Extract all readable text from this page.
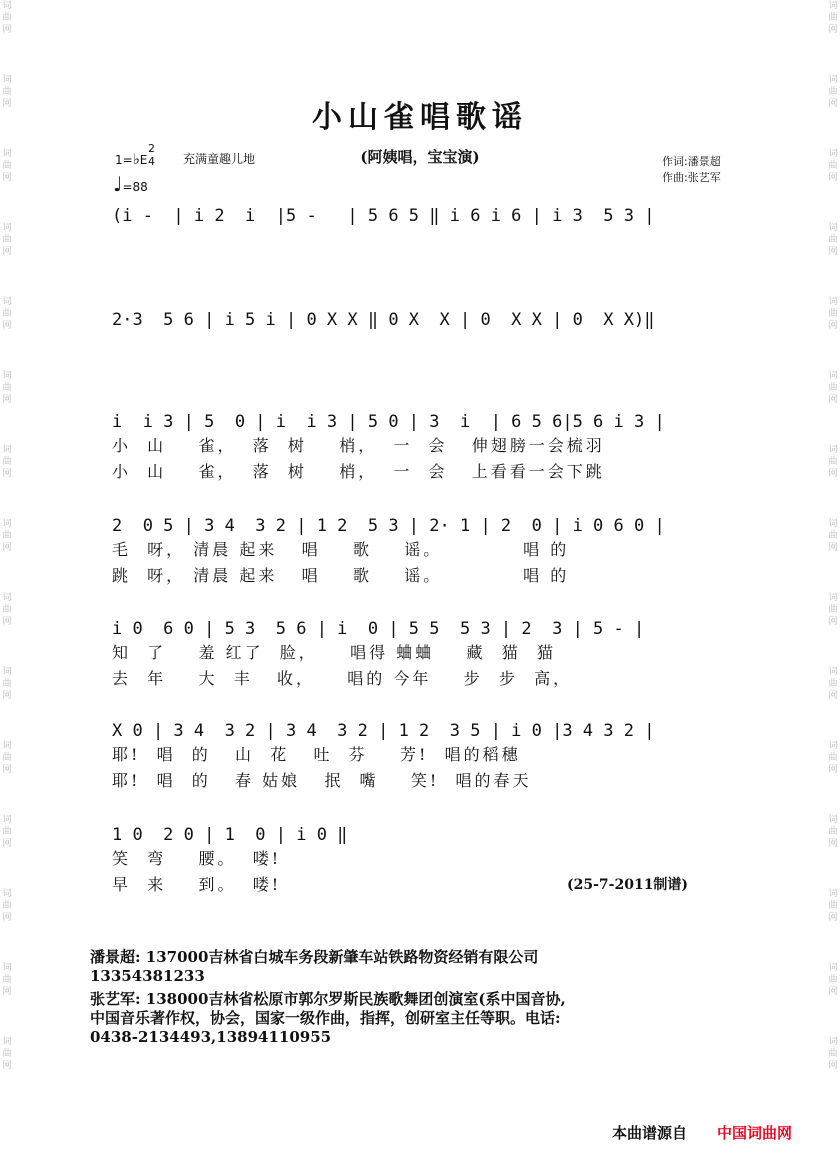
词
曲
网
词
曲
网
词
曲
网
词
曲
网
词
曲
网
词
曲
网
词
曲
网
词
曲
网
词
曲
网
词
曲
网
词
曲
网
词
曲
网
词
曲
网
词
曲
网
词
曲
网
词
曲
网
词
曲
网
词
曲
网
词
曲
网
词
曲
网
词
曲
网
词
曲
网
词
曲
网
词
曲
网
词
曲
网
词
曲
网
词
曲
网
词
曲
网
词
曲
网
词
曲
网
小山雀唱歌谣
(阿姨唱，宝宝演)
1=♭E
2
4 充满童趣儿地
♩=88
作词:潘景超
作曲:张艺军
(i -  | i 2  i  |5 -   | 5 6 5 ‖ i 6 i 6 | i 3  5 3 |
2·3  5 6 | i 5 i | 0 X X ‖ 0 X  X | 0  X X | 0  X X)‖
i  i 3 | 5  0 | i  i 3 | 5 0 | 3  i  | 6 5 6|5 6 i 3 |
小  山    雀，  落  树    梢，  一  会   伸翅膀一会梳羽
小  山    雀，  落  树    梢，  一  会   上看看一会下跳
2  0 5 | 3 4  3 2 | 1 2  5 3 | 2· 1 | 2  0 | i 0 6 0 |
毛  呀， 清晨 起来   唱    歌    谣。          唱 的
跳  呀， 清晨 起来   唱    歌    谣。          唱 的
i 0  6 0 | 5 3  5 6 | i  0 | 5 5  5 3 | 2  3 | 5 - |
知  了    羞 红了  脸，    唱得 蛐蛐    藏  猫  猫
去  年    大  丰   收，    唱的 今年    步  步  高，
X 0 | 3 4  3 2 | 3 4  3 2 | 1 2  3 5 | i 0 |3 4 3 2 |
耶!  唱  的   山  花   吐  芬    芳!  唱的稻穗
耶!  唱  的   春 姑娘   抿  嘴    笑!  唱的春天
1 0  2 0 | 1  0 | i 0 ‖
笑  弯    腰。  喽!
早  来    到。  喽!	(25-7-2011制谱)
潘景超: 137000吉林省白城车务段新肇车站铁路物资经销有限公司
13354381233
张艺军: 138000吉林省松原市郭尔罗斯民族歌舞团创演室(系中国音协,
中国音乐著作权，协会，国家一级作曲，指挥，创研室主任等职。电话:
0438-2134493,13894110955
本曲谱源自 中国词曲网
